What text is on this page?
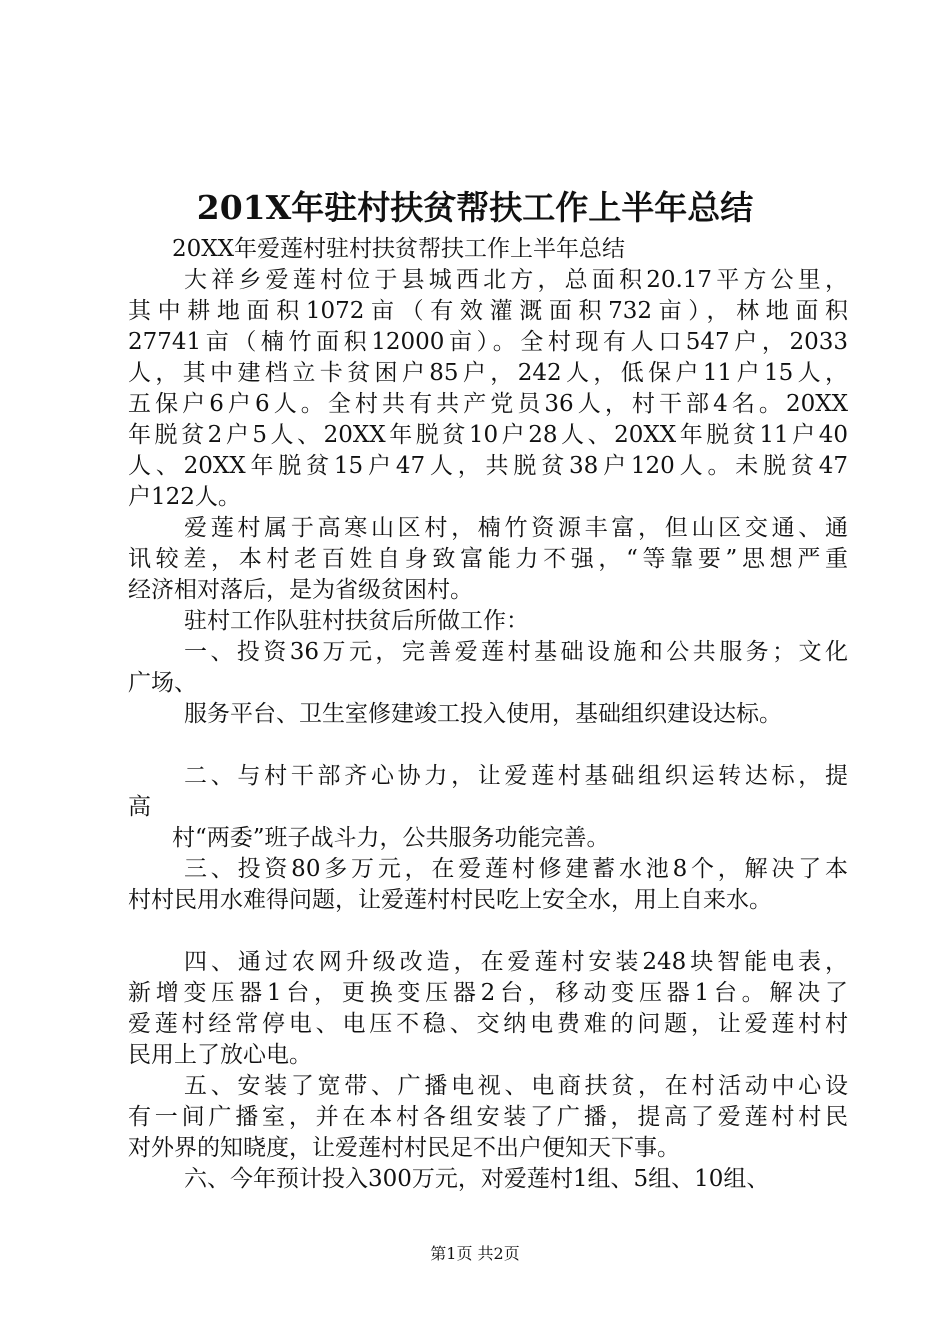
201X年驻村扶贫帮扶工作上半年总结
20XX年爱莲村驻村扶贫帮扶工作上半年总结
大祥乡爱莲村位于县城西北方，总面积20.17平方公里，
其中耕地面积1072亩（有效灌溉面积732亩），林地面积
27741亩（楠竹面积12000亩）。全村现有人口547户，2033
人，其中建档立卡贫困户85户，242人，低保户11户15人，
五保户6户6人。全村共有共产党员36人，村干部4名。20XX
年脱贫2户5人、20XX年脱贫10户28人、20XX年脱贫11户40
人、20XX年脱贫15户47人，共脱贫38户120人。未脱贫47
户122人。
爱莲村属于高寒山区村，楠竹资源丰富，但山区交通、通
讯较差，本村老百姓自身致富能力不强，“等靠要”思想严重
经济相对落后，是为省级贫困村。
驻村工作队驻村扶贫后所做工作：
一、投资36万元，完善爱莲村基础设施和公共服务；文化
广场、
服务平台、卫生室修建竣工投入使用，基础组织建设达标。
二、与村干部齐心协力，让爱莲村基础组织运转达标，提
高
村“两委”班子战斗力，公共服务功能完善。
三、投资80多万元，在爱莲村修建蓄水池8个，解决了本
村村民用水难得问题，让爱莲村村民吃上安全水，用上自来水。
四、通过农网升级改造，在爱莲村安装248块智能电表，
新增变压器1台，更换变压器2台，移动变压器1台。解决了
爱莲村经常停电、电压不稳、交纳电费难的问题，让爱莲村村
民用上了放心电。
五、安装了宽带、广播电视、电商扶贫，在村活动中心设
有一间广播室，并在本村各组安装了广播，提高了爱莲村村民
对外界的知晓度，让爱莲村村民足不出户便知天下事。
六、今年预计投入300万元，对爱莲村1组、5组、10组、
第1页 共2页
